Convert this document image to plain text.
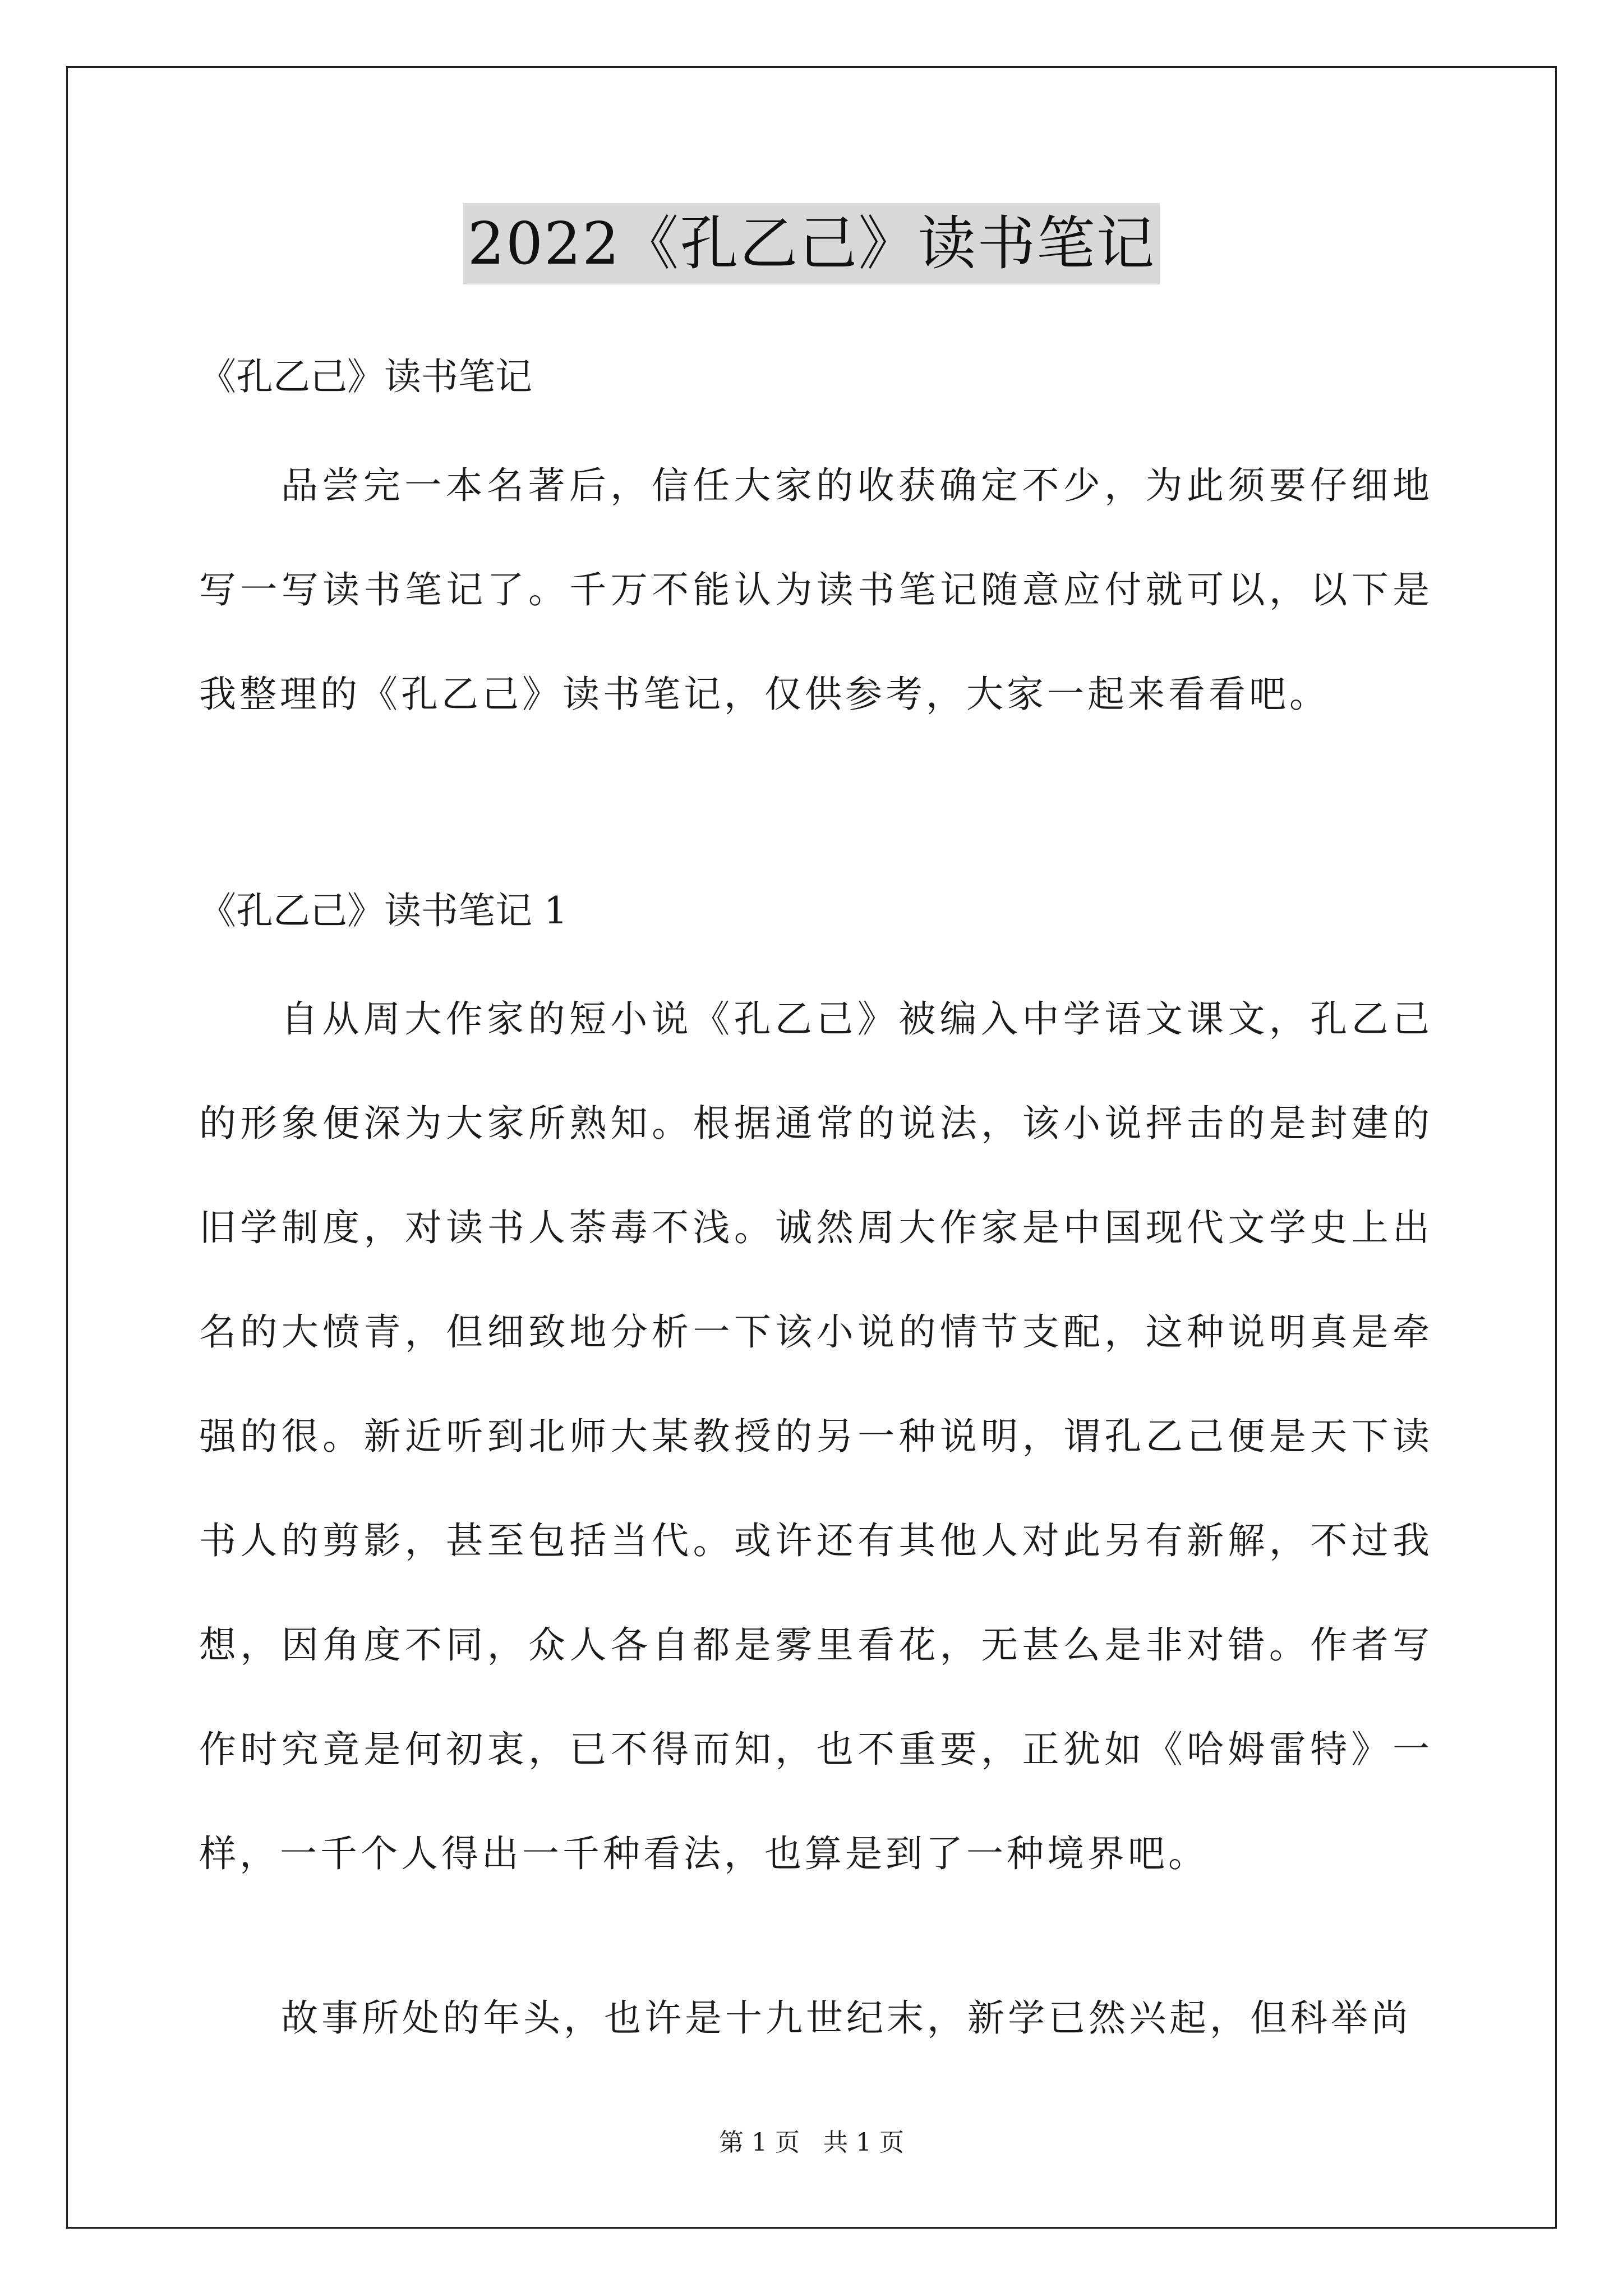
2022《孔乙己》读书笔记
《孔乙己》读书笔记

品尝完一本名著后，信任大家的收获确定不少，为此须要仔细地写一写读书笔记了。千万不能认为读书笔记随意应付就可以，以下是我整理的《孔乙己》读书笔记，仅供参考，大家一起来看看吧。

《孔乙己》读书笔记 1

自从周大作家的短小说《孔乙己》被编入中学语文课文，孔乙己的形象便深为大家所熟知。根据通常的说法，该小说抨击的是封建的旧学制度，对读书人荼毒不浅。诚然周大作家是中国现代文学史上出名的大愤青，但细致地分析一下该小说的情节支配，这种说明真是牵强的很。新近听到北师大某教授的另一种说明，谓孔乙己便是天下读书人的剪影，甚至包括当代。或许还有其他人对此另有新解，不过我想，因角度不同，众人各自都是雾里看花，无甚么是非对错。作者写作时究竟是何初衷，已不得而知，也不重要，正犹如《哈姆雷特》一样，一千个人得出一千种看法，也算是到了一种境界吧。

故事所处的年头，也许是十九世纪末，新学已然兴起，但科举尚

第 1 页   共 1 页
